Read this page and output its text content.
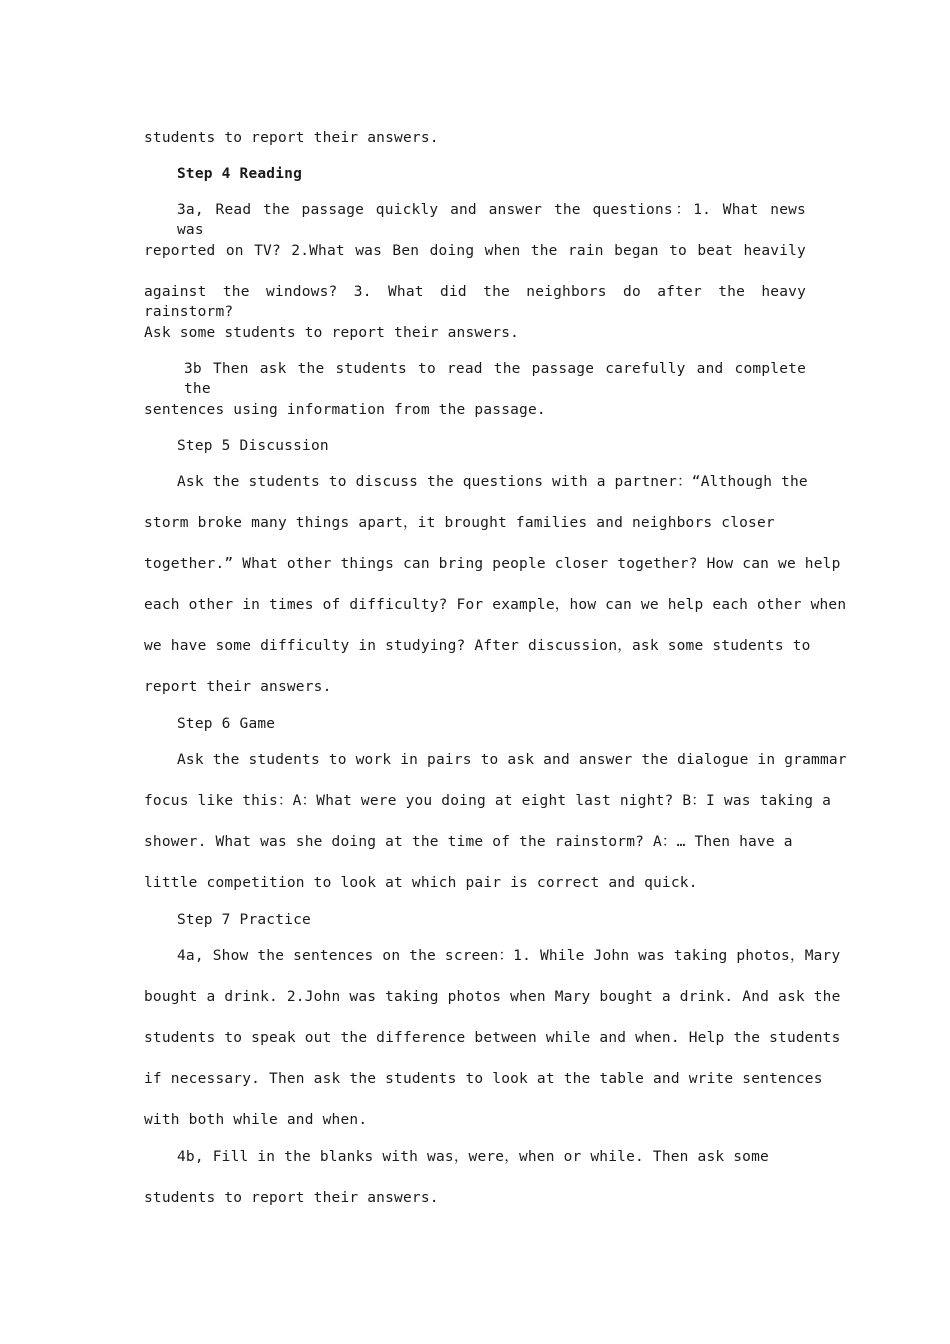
students to report their answers.
Step 4 Reading
3a, Read the passage quickly and answer the questions：1. What news was
reported on TV? 2.What was Ben doing when the rain began to beat heavily
against the windows? 3. What did the neighbors do after the heavy rainstorm?
Ask some students to report their answers.
3b Then ask the students to read the passage carefully and complete the
sentences using information from the passage.
Step 5 Discussion
Ask the students to discuss the questions with a partner：“Although the
storm broke many things apart，it brought families and neighbors closer
together.” What other things can bring people closer together? How can we help
each other in times of difficulty? For example，how can we help each other when
we have some difficulty in studying? After discussion，ask some students to
report their answers.
Step 6 Game
Ask the students to work in pairs to ask and answer the dialogue in grammar
focus like this：A：What were you doing at eight last night? B：I was taking a
shower. What was she doing at the time of the rainstorm? A：… Then have a
little competition to look at which pair is correct and quick.
Step 7 Practice
4a, Show the sentences on the screen：1. While John was taking photos，Mary
bought a drink. 2.John was taking photos when Mary bought a drink. And ask the
students to speak out the difference between while and when. Help the students
if necessary. Then ask the students to look at the table and write sentences
with both while and when.
4b, Fill in the blanks with was，were，when or while. Then ask some
students to report their answers.
